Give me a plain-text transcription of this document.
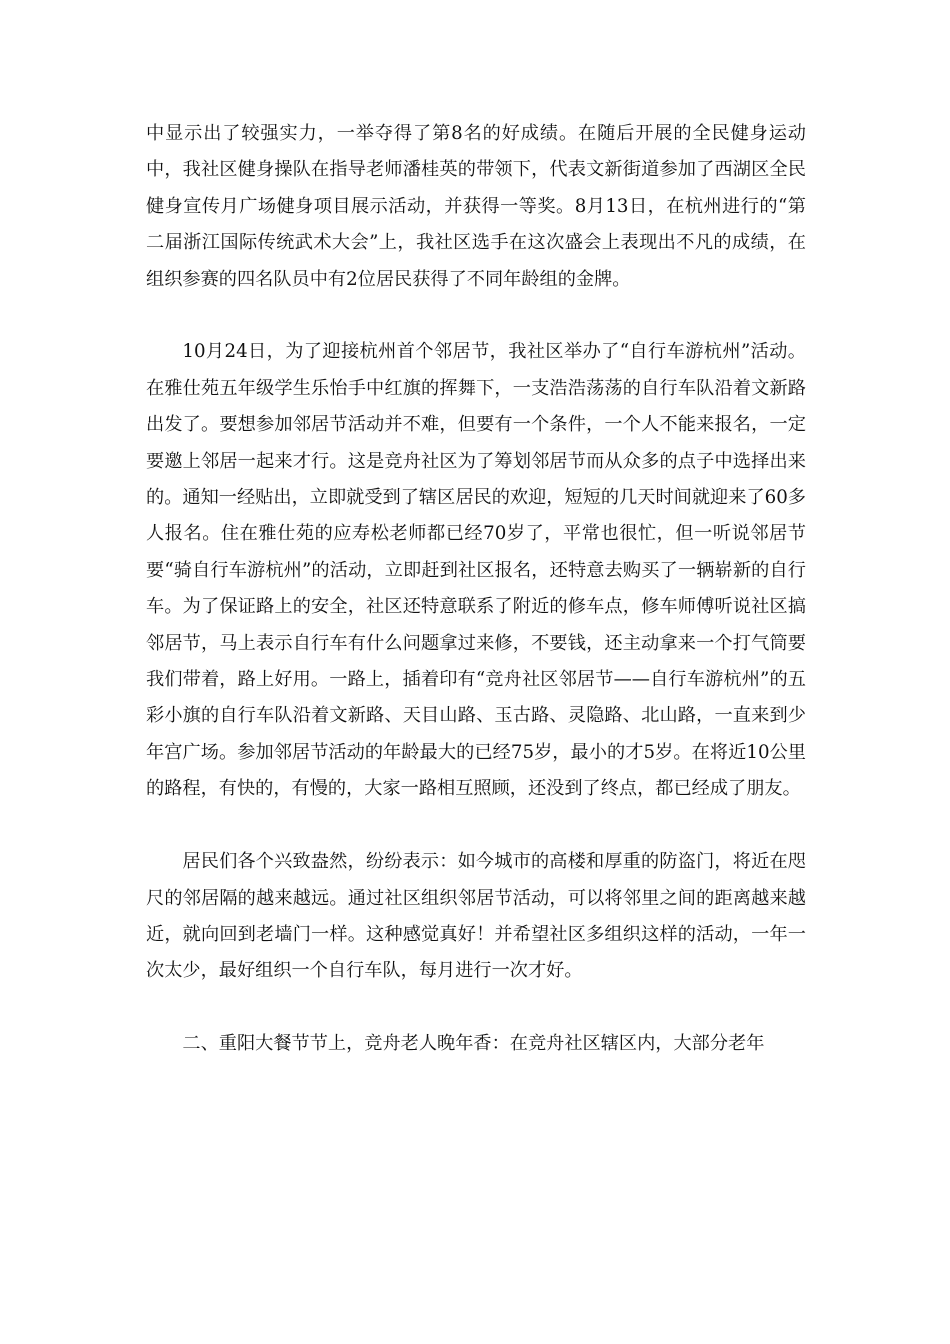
中显示出了较强实力，一举夺得了第8名的好成绩。在随后开展的全民健身运动中，我社区健身操队在指导老师潘桂英的带领下，代表文新街道参加了西湖区全民健身宣传月广场健身项目展示活动，并获得一等奖。8月13日，在杭州进行的“第二届浙江国际传统武术大会”上，我社区选手在这次盛会上表现出不凡的成绩，在组织参赛的四名队员中有2位居民获得了不同年龄组的金牌。

10月24日，为了迎接杭州首个邻居节，我社区举办了“自行车游杭州”活动。在雅仕苑五年级学生乐怡手中红旗的挥舞下，一支浩浩荡荡的自行车队沿着文新路出发了。要想参加邻居节活动并不难，但要有一个条件，一个人不能来报名，一定要邀上邻居一起来才行。这是竞舟社区为了筹划邻居节而从众多的点子中选择出来的。通知一经贴出，立即就受到了辖区居民的欢迎，短短的几天时间就迎来了60多人报名。住在雅仕苑的应寿松老师都已经70岁了，平常也很忙，但一听说邻居节要“骑自行车游杭州”的活动，立即赶到社区报名，还特意去购买了一辆崭新的自行车。为了保证路上的安全，社区还特意联系了附近的修车点，修车师傅听说社区搞邻居节，马上表示自行车有什么问题拿过来修，不要钱，还主动拿来一个打气筒要我们带着，路上好用。一路上，插着印有“竞舟社区邻居节——自行车游杭州”的五彩小旗的自行车队沿着文新路、天目山路、玉古路、灵隐路、北山路，一直来到少年宫广场。参加邻居节活动的年龄最大的已经75岁，最小的才5岁。在将近10公里的路程，有快的，有慢的，大家一路相互照顾，还没到了终点，都已经成了朋友。

居民们各个兴致盎然，纷纷表示：如今城市的高楼和厚重的防盗门，将近在咫尺的邻居隔的越来越远。通过社区组织邻居节活动，可以将邻里之间的距离越来越近，就向回到老墙门一样。这种感觉真好！并希望社区多组织这样的活动，一年一次太少，最好组织一个自行车队，每月进行一次才好。

二、重阳大餐节节上，竞舟老人晚年香：在竞舟社区辖区内，大部分老年
